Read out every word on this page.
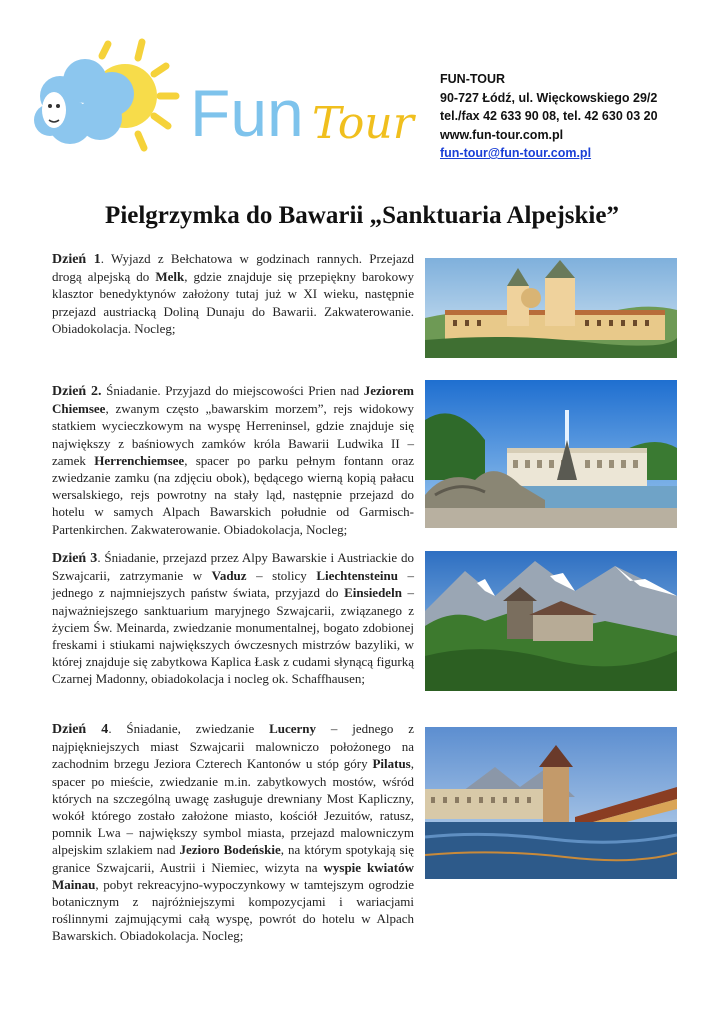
Fun Tour
FUN-TOUR
90-727 Łódź, ul. Więckowskiego 29/2
tel./fax 42 633 90 08, tel. 42 630 03 20
www.fun-tour.com.pl
fun-tour@fun-tour.com.pl
Pielgrzymka do Bawarii „Sanktuaria Alpejskie”

Dzień 1. Wyjazd z Bełchatowa w godzinach rannych. Przejazd drogą alpejską do Melk, gdzie znajduje się przepiękny barokowy klasztor benedyktynów założony tutaj już w XI wieku, następnie przejazd austriacką Doliną Dunaju do Bawarii. Zakwaterowanie. Obiadokolacja. Nocleg;

Dzień 2. Śniadanie. Przyjazd do miejscowości Prien nad Jeziorem Chiemsee, zwanym często „bawarskim morzem”, rejs widokowy statkiem wycieczkowym na wyspę Herreninsel, gdzie znajduje się największy z baśniowych zamków króla Bawarii Ludwika II – zamek Herrenchiemsee, spacer po parku pełnym fontann oraz zwiedzanie zamku (na zdjęciu obok), będącego wierną kopią pałacu wersalskiego, rejs powrotny na stały ląd, następnie przejazd do hotelu w samych Alpach Bawarskich południe od Garmisch-Partenkirchen. Zakwaterowanie. Obiadokolacja, Nocleg;

Dzień 3. Śniadanie, przejazd przez Alpy Bawarskie i Austriackie do Szwajcarii, zatrzymanie w Vaduz – stolicy Liechtensteinu – jednego z najmniejszych państw świata, przyjazd do Einsiedeln – najważniejszego sanktuarium maryjnego Szwajcarii, związanego z życiem Św. Meinarda, zwiedzanie monumentalnej, bogato zdobionej freskami i stiukami największych ówczesnych mistrzów bazyliki, w której znajduje się zabytkowa Kaplica Łask z cudami słynącą figurką Czarnej Madonny, obiadokolacja i nocleg ok. Schaffhausen;

Dzień 4. Śniadanie, zwiedzanie Lucerny – jednego z najpiękniejszych miast Szwajcarii malowniczo położonego na zachodnim brzegu Jeziora Czterech Kantonów u stóp góry Pilatus, spacer po mieście, zwiedzanie m.in. zabytkowych mostów, wśród których na szczególną uwagę zasługuje drewniany Most Kapliczny, wokół którego zostało założone miasto, kościół Jezuitów, ratusz, pomnik Lwa – największy symbol miasta, przejazd malowniczym alpejskim szlakiem nad Jezioro Bodeńskie, na którym spotykają się granice Szwajcarii, Austrii i Niemiec, wizyta na wyspie kwiatów Mainau, pobyt rekreacyjno-wypoczynkowy w tamtejszym ogrodzie botanicznym z najróżniejszymi kompozycjami i wariacjami roślinnymi zajmującymi całą wyspę, powrót do hotelu w Alpach Bawarskich. Obiadokolacja. Nocleg;
